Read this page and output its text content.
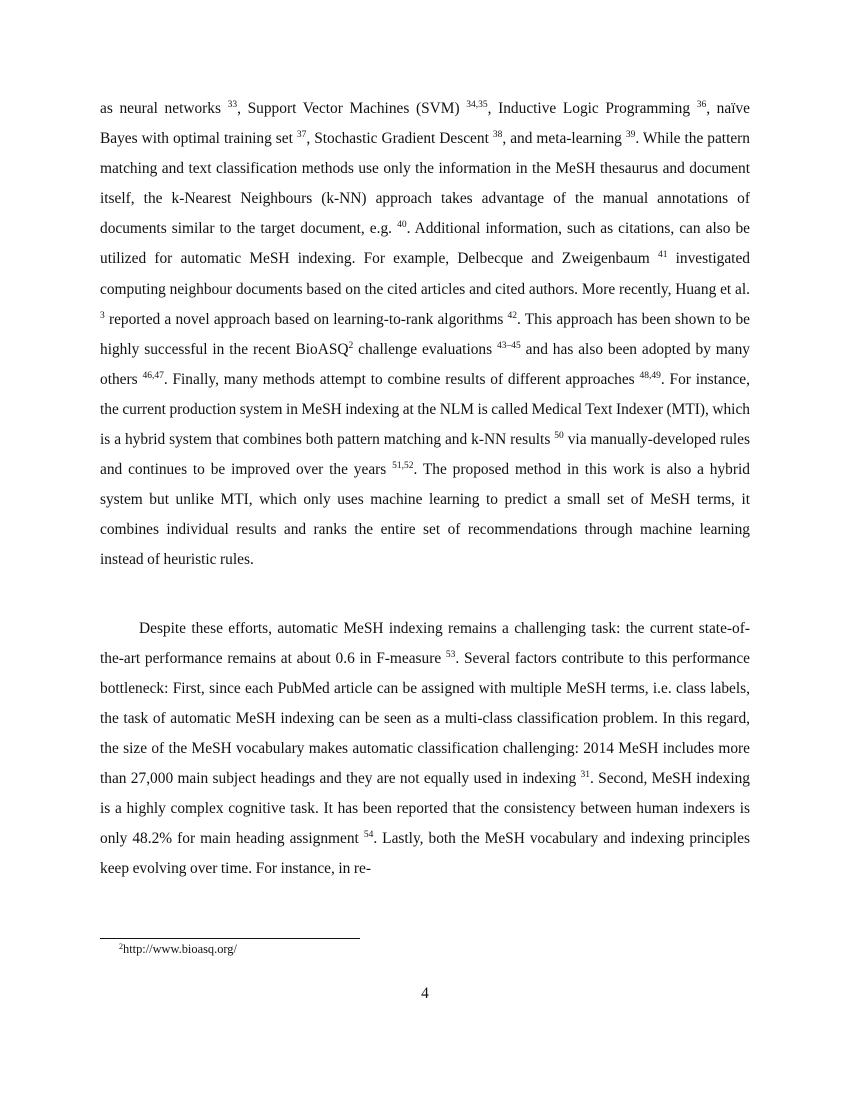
as neural networks $^{33}$, Support Vector Machines (SVM) $^{34,35}$, Inductive Logic Programming $^{36}$, naïve Bayes with optimal training set $^{37}$, Stochastic Gradient Descent $^{38}$, and meta-learning $^{39}$. While the pattern matching and text classification methods use only the information in the MeSH thesaurus and document itself, the k-Nearest Neighbours (k-NN) approach takes advantage of the manual annotations of documents similar to the target document, e.g. $^{40}$. Additional information, such as citations, can also be utilized for automatic MeSH indexing. For example, Delbecque and Zweigenbaum $^{41}$ investigated computing neighbour documents based on the cited articles and cited authors. More recently, Huang et al. $^3$ reported a novel approach based on learning-to-rank algorithms $^{42}$. This approach has been shown to be highly successful in the recent BioASQ$^2$ challenge evaluations $^{43-45}$ and has also been adopted by many others $^{46,47}$. Finally, many methods attempt to combine results of different approaches $^{48,49}$. For instance, the current production system in MeSH indexing at the NLM is called Medical Text Indexer (MTI), which is a hybrid system that combines both pattern matching and k-NN results $^{50}$ via manually-developed rules and continues to be improved over the years $^{51,52}$. The proposed method in this work is also a hybrid system but unlike MTI, which only uses machine learning to predict a small set of MeSH terms, it combines individual results and ranks the entire set of recommendations through machine learning instead of heuristic rules.

Despite these efforts, automatic MeSH indexing remains a challenging task: the current state-of-the-art performance remains at about 0.6 in F-measure $^{53}$. Several factors contribute to this performance bottleneck: First, since each PubMed article can be assigned with multiple MeSH terms, i.e. class labels, the task of automatic MeSH indexing can be seen as a multi-class classification problem. In this regard, the size of the MeSH vocabulary makes automatic classification challenging: 2014 MeSH includes more than 27,000 main subject headings and they are not equally used in indexing $^{31}$. Second, MeSH indexing is a highly complex cognitive task. It has been reported that the consistency between human indexers is only 48.2% for main heading assignment $^{54}$. Lastly, both the MeSH vocabulary and indexing principles keep evolving over time. For instance, in re-

$^2$http://www.bioasq.org/
4
